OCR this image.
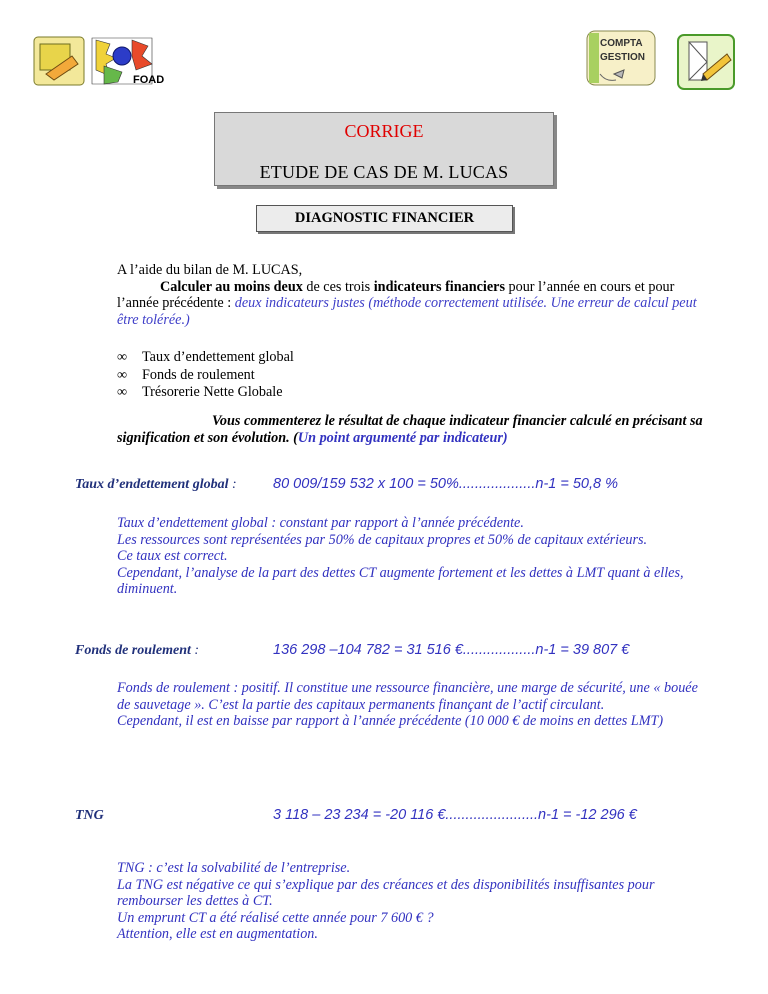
FOAD
COMPTA
GESTION
CORRIGE
ETUDE DE CAS DE M. LUCAS
DIAGNOSTIC FINANCIER
A l’aide du bilan de M. LUCAS,
Calculer au moins deux de ces trois indicateurs financiers pour l’année en cours et pour l’année précédente : deux indicateurs justes (méthode correctement utilisée. Une erreur de calcul peut être tolérée.)
∞	Taux d’endettement global
∞	Fonds de roulement
∞	Trésorerie Nette Globale
Vous commenterez le résultat de chaque indicateur financier calculé en précisant sa signification et son évolution. (Un point argumenté par indicateur)
Taux d’endettement global :	80 009/159 532 x 100 = 50%...................n-1 = 50,8 %
Taux d’endettement global : constant par rapport à l’année précédente.
Les ressources sont représentées par 50% de capitaux propres et 50% de capitaux extérieurs.
Ce taux est correct.
Cependant, l’analyse de la part des dettes CT augmente fortement et les dettes à LMT quant à elles, diminuent.
Fonds de roulement :	136 298 –104 782 = 31 516 €..................n-1 = 39 807 €
Fonds de roulement : positif. Il constitue une ressource financière, une marge de sécurité, une « bouée de sauvetage ». C’est la partie des capitaux permanents finançant de l’actif circulant.
Cependant, il est en baisse par rapport à l’année précédente (10 000 € de moins en dettes LMT)
TNG	3 118 – 23 234 = -20 116 €.......................n-1 = -12 296 €
TNG : c’est la solvabilité de l’entreprise.
La TNG est négative ce qui s’explique par des créances et des disponibilités insuffisantes pour rembourser les dettes à CT.
Un emprunt CT a été réalisé cette année pour 7 600 € ?
Attention, elle est en augmentation.
